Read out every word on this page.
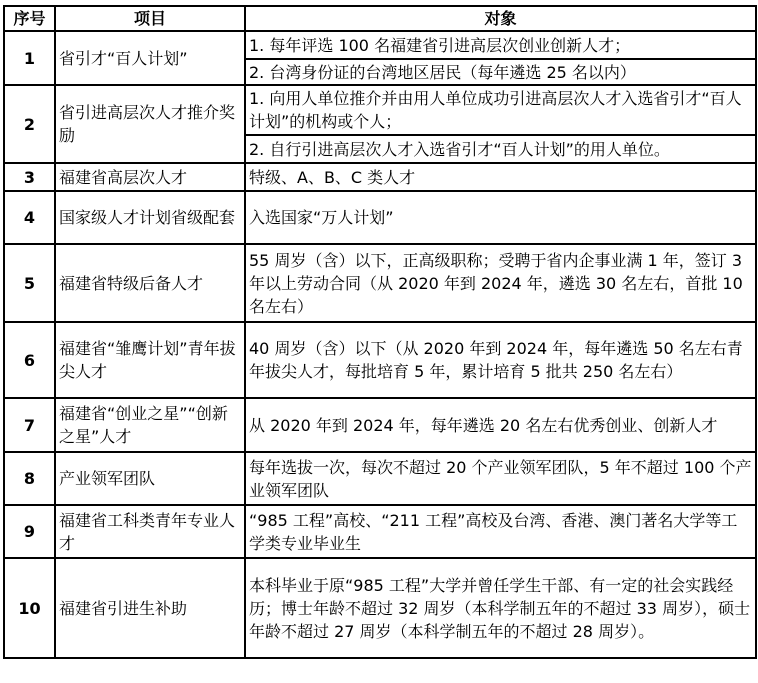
序号	项目	对象
1	省引才“百人计划”	1. 每年评选 100 名福建省引进高层次创业创新人才；
		2. 台湾身份证的台湾地区居民（每年遴选 25 名以内）
2	省引进高层次人才推介奖励	1. 向用人单位推介并由用人单位成功引进高层次人才入选省引才“百人计划”的机构或个人；
		2. 自行引进高层次人才入选省引才“百人计划”的用人单位。
3	福建省高层次人才	特级、A、B、C 类人才
4	国家级人才计划省级配套	入选国家“万人计划”
5	福建省特级后备人才	55 周岁（含）以下，正高级职称；受聘于省内企事业满 1 年，签订 3 年以上劳动合同（从 2020 年到 2024 年，遴选 30 名左右，首批 10 名左右）
6	福建省“雏鹰计划”青年拔尖人才	40 周岁（含）以下（从 2020 年到 2024 年，每年遴选 50 名左右青年拔尖人才，每批培育 5 年，累计培育 5 批共 250 名左右）
7	福建省“创业之星”“创新之星”人才	从 2020 年到 2024 年，每年遴选 20 名左右优秀创业、创新人才
8	产业领军团队	每年选拔一次，每次不超过 20 个产业领军团队，5 年不超过 100 个产业领军团队
9	福建省工科类青年专业人才	“985 工程”高校、“211 工程”高校及台湾、香港、澳门著名大学等工学类专业毕业生
10	福建省引进生补助	本科毕业于原“985 工程”大学并曾任学生干部、有一定的社会实践经历；博士年龄不超过 32 周岁（本科学制五年的不超过 33 周岁），硕士年龄不超过 27 周岁（本科学制五年的不超过 28 周岁）。
